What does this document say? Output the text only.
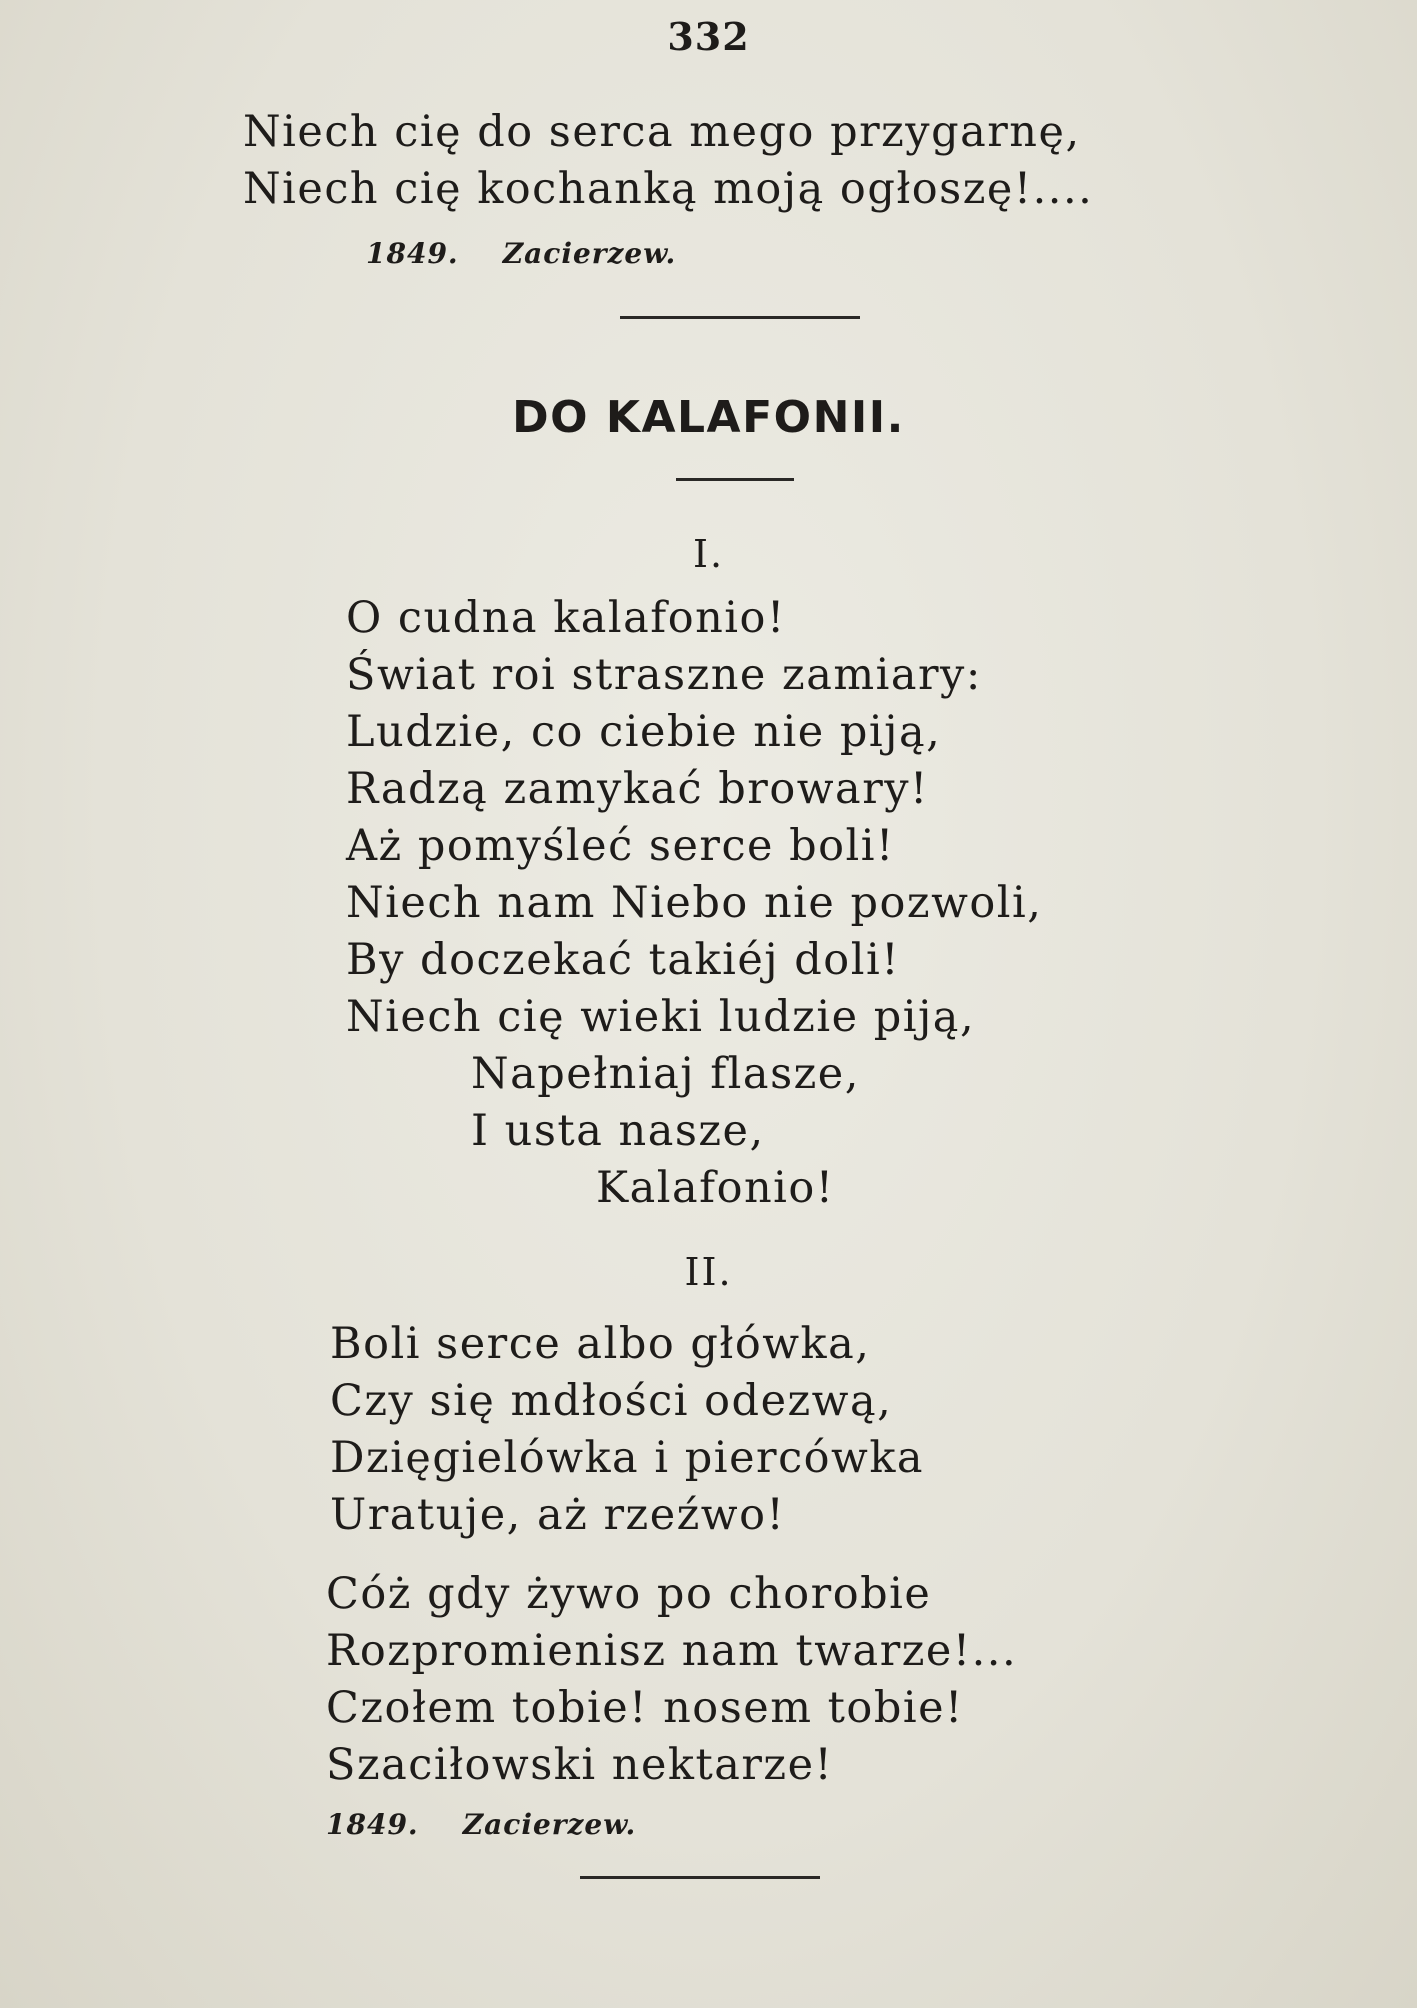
332
Niech cię do serca mego przygarnę,
Niech cię kochanką moją ogłoszę!....
1849. Zacierzew.
DO KALAFONII.
I.
O cudna kalafonio!
Świat roi straszne zamiary:
Ludzie, co ciebie nie piją,
Radzą zamykać browary!
Aż pomyśleć serce boli!
Niech nam Niebo nie pozwoli,
By doczekać takiéj doli!
Niech cię wieki ludzie piją,
Napełniaj flasze,
I usta nasze,
Kalafonio!
II.
Boli serce albo główka,
Czy się mdłości odezwą,
Dzięgielówka i piercówka
Uratuje, aż rzeźwo!
Cóż gdy żywo po chorobie
Rozpromienisz nam twarze!...
Czołem tobie! nosem tobie!
Szaciłowski nektarze!
1849. Zacierzew.
